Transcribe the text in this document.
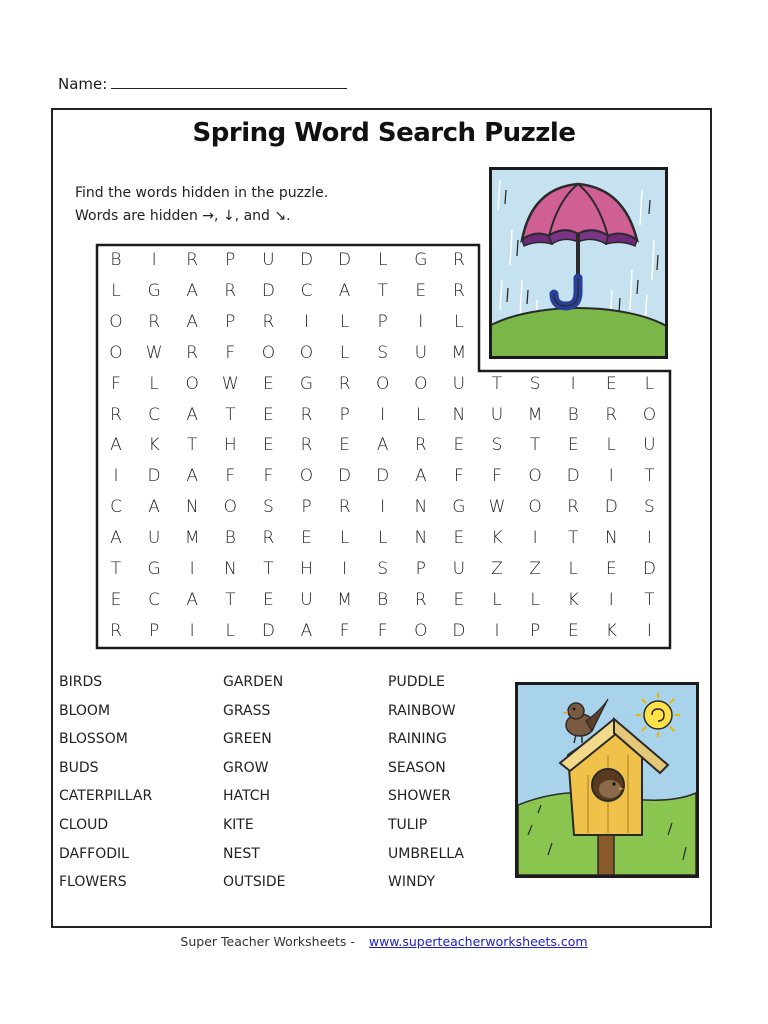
Name:
Spring Word Search Puzzle
Find the words hidden in the puzzle.
Words are hidden →, ↓, and ↘.
B	I	R	P	U	D	D	L	G	R
L	G	A	R	D	C	A	T	E	R
O	R	A	P	R	I	L	P	I	L
O	W	R	F	O	O	L	S	U	M
F	L	O	W	E	G	R	O	O	U	T	S	I	E	L
R	C	A	T	E	R	P	I	L	N	U	M	B	R	O
A	K	T	H	E	R	E	A	R	E	S	T	E	L	U
I	D	A	F	F	O	D	D	A	F	F	O	D	I	T
C	A	N	O	S	P	R	I	N	G	W	O	R	D	S
A	U	M	B	R	E	L	L	N	E	K	I	T	N	I
T	G	I	N	T	H	I	S	P	U	Z	Z	L	E	D
E	C	A	T	E	U	M	B	R	E	L	L	K	I	T
R	P	I	L	D	A	F	F	O	D	I	P	E	K	I
BIRDS
BLOOM
BLOSSOM
BUDS
CATERPILLAR
CLOUD
DAFFODIL
FLOWERS
GARDEN
GRASS
GREEN
GROW
HATCH
KITE
NEST
OUTSIDE
PUDDLE
RAINBOW
RAINING
SEASON
SHOWER
TULIP
UMBRELLA
WINDY
Super Teacher Worksheets - www.superteacherworksheets.com
